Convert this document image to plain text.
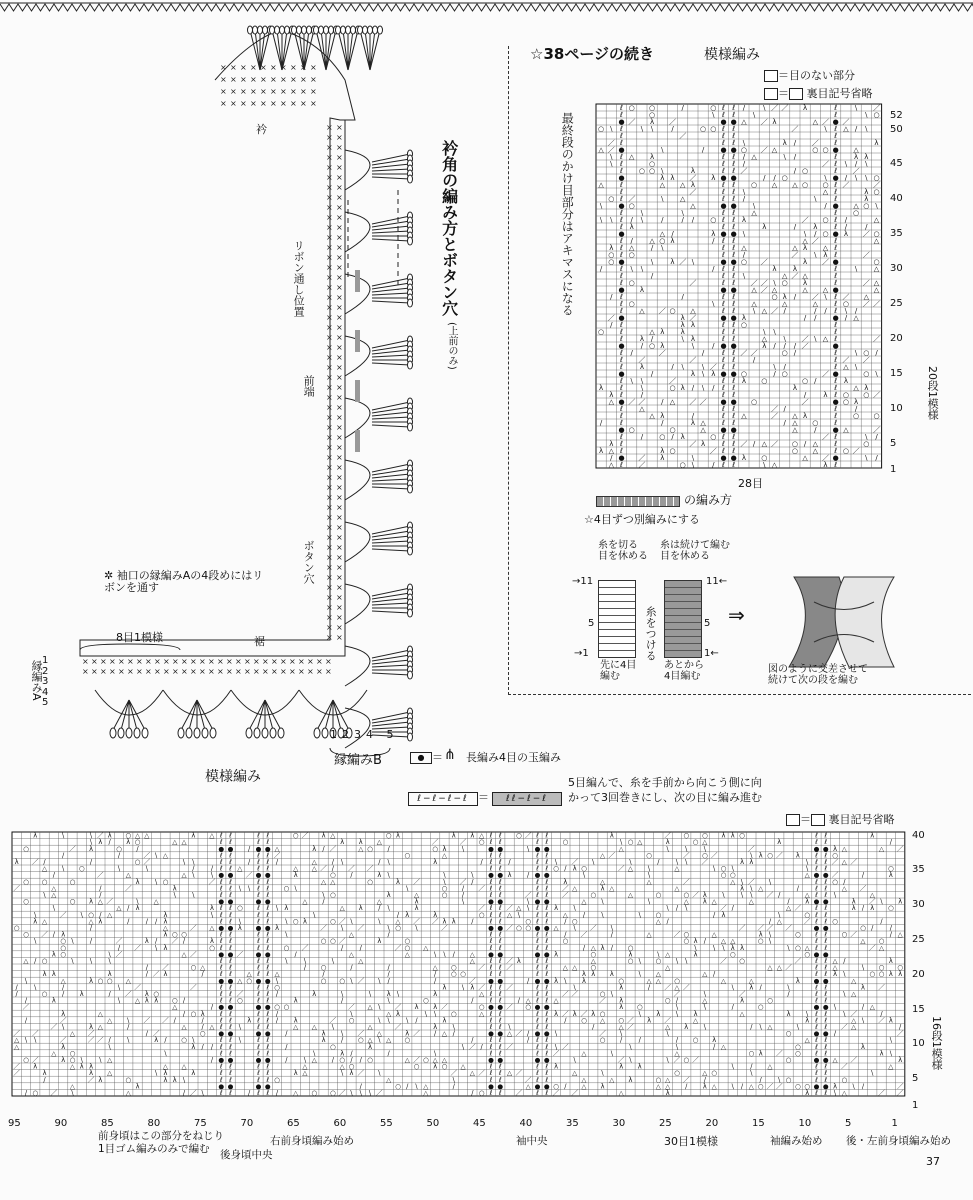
× ×
× ×
× ×
× ×
× ×
× ×
× ×
× ×
× ×
× ×
× ×
× ×
× ×
× ×
× ×
× ×
× ×
× ×
× ×
× ×
× ×
× ×
× ×
× ×
× ×
× ×
× ×
× ×
× ×
× ×
× ×
× ×
× ×
× ×
× ×
× ×
× ×
× ×
× ×
× ×
× ×
× ×
× ×
× ×
× ×
× ×
× ×
× ×
× ×
× ×
× ×
× ×
×
×
×
×
×
×
×
×
×
×
×
×
×
×
×
×
×
×
×
×
×
×
×
×
×
×
×
×
×
×
×
×
×
×
×
×
×
×
×
×
×
×
×
×
×
×
×
×
×
×
×
×
×
×
×
×
× × × × × × × × × ×
× × × × × × × × × ×
× × × × × × × × × ×
× × × × × × × × × ×
衿角の編み方とボタン穴
(上前のみ)
衿
リボン通し位置
前端
ボタン穴
裾
8目1模様
✲ 袖口の縁編みAの4段めにはリボンを通す
縁編みA
1
2
3
4
5
1234 5
縁編みB
模様編み
☆38ページの続き	模様編み
＝目のない部分
＝ 裏目記号省略
最終段のかけ目部分はアキマスになる
ℓ ○ ○	/	○ ℓ ℓ /	\ ／ ／ λ	ℓ	\ ／
ℓ	○	\ ℓ ℓ	\	ℓ	\ ○
● ／ λ ／	● ● △ ／ λ	△ ／ ● ／
○ \ ℓ	\ \	/	○ ○ ℓ ℓ	／	\ ℓ △ / \
ℓ	／	ℓ ℓ	ℓ
／ ℓ	ℓ ℓ \	λ / ／ ℓ	λ
△ ／ ●	\	/ ● ● ○ ／ △	○ ○ ● △
\ ℓ △ λ	ℓ ℓ / △	\ /	ℓ λ λ
\ ℓ	○	ℓ ℓ /	／ ℓ \ / \
ℓ ○ ○ \	λ	ℓ ℓ ／	/ ○	ℓ ／
●	λ λ ／ λ ● ●	/ / ○	\ ● / \ \ ○
△ ℓ	△ △ λ	ℓ ℓ ○ △ △ ○ ○ ℓ ／	／
ℓ	／	ℓ ℓ \	△ ℓ	λ ○
○ ℓ ／	\ △	ℓ ℓ /	\	ℓ	λ
\ ● ○	△	● ● \	/ ● △ ○ \
ℓ	\	\	ℓ ℓ △	ℓ ○
\ \ ℓ / \	/	/ / ○ ℓ ℓ λ	／ ○ ℓ /	△
ℓ λ	ℓ ℓ	λ	/ λ ℓ /	/
●	△ /	λ ● ● \	\ / ○ ● λ ／ ○
ℓ / △ ○ λ	/ ℓ ℓ	△ ／ ℓ	△
λ ℓ △ / \	ℓ ℓ △	△ λ △ ℓ
○ ℓ ○	ℓ ℓ /	／ \ λ ℓ	／
○ ●	\ λ ／ \	● ● ○ ／	λ ／ ●	○
/	ℓ \ \	/ ℓ ℓ	λ λ	ℓ	\ △
ℓ	/	ℓ ℓ \	△ ／ △	ℓ
ℓ ○	／	ℓ ℓ ／ ／ \ ○ λ	ℓ	／ △
● λ	● ● △ ／ △	△ △ ●	△
/ ℓ	/	ℓ ℓ	○ λ / ／ \ ℓ ／ △
ℓ ○	\ ℓ ℓ △	△	△ ℓ ○ ／ ／
ℓ △ ／ ○ △	ℓ ℓ	\ △ ／ /	/ / ℓ \ /
／ ●	λ ／	● ● λ	/ / ● / △
/ ℓ	λ λ	ℓ ℓ ○	ℓ
○ ℓ	△ λ λ	ℓ ℓ	\ \	ℓ
ℓ λ /	\ λ	ℓ ℓ	△ \ ／ \ △ ℓ	／
● / ○ λ	\	/ ● ●	λ / / / ／	●
ℓ /	／	/	ℓ ℓ ／ ／	○ /	ℓ	\ ○ /
ℓ ／	／	ℓ ℓ	/	ℓ ／ ／
ℓ λ	/ \	\ ／ ℓ ℓ	\ /	ℓ △ \
●	/	λ \ λ ● ● ○	/ ○	／ ●	○ \
ℓ \ \	／	ℓ ℓ λ ○	○ /	ℓ λ
λ ℓ	\	○ λ / \ / ℓ ℓ	λ	ℓ △ λ
λ ℓ	/	ℓ ℓ	/ λ ℓ ○ ○ ／
△ ● ／ ／ / △ ／ ／ ● ● ○	／	● ○ λ
ℓ △	ℓ ℓ	／ /	ℓ	/
ℓ	△ λ	/	ℓ ℓ △	／ △ λ	ℓ ○ ○
/	ℓ	/	λ △ ℓ ℓ	/ △ ○ ℓ
● ○	○	△ ● ●	△ / ● △	／
ℓ	/ ○ / λ	○ ℓ ℓ	／ ℓ	\ /
λ ℓ	／ λ ℓ ℓ ／ / △ ／ ○ / △ ℓ	○
λ △ ℓ	λ ○	／ ℓ ℓ	○ △ ℓ ○ ／
/ ● ／ λ	\	● ● λ ○	△ ／ ●	\ /
△ ℓ ／	○ \	/ ℓ ℓ	\ △	λ ℓ
52
50
45
40
35
30
25
20
15
10
5
1
20段1模様
28目
の編み方
☆4目ずつ別編みにする
糸を切る
目を休める
糸は続けて編む
目を休める
→11
5
→1
11←
5
1←
糸をつける
先に4目
編む
あとから
4目編む
⇒
図のように交差させて
続けて次の段を編む
● ＝ ⋔ 長編み4目の玉編み
ℓ−ℓ−ℓ−ℓ ＝	ℓℓ−ℓ−ℓ
5目編んで、糸を手前から向こう側に向かって3回巻きにし、次の目に編み進む
＝ 裏目記号省略
λ	\	\ ／ λ ○ △ △	λ △ ℓ ℓ	ℓ ℓ	○ ／ λ △	○ λ	λ λ △ ℓ ℓ ○ ／ ℓ ℓ	λ	／ ○ ○ λ λ ○	ℓ ℓ	λ
\ λ / λ ○	△ △	ℓ ℓ	ℓ ℓ	λ λ △	／	／ ○ ℓ ℓ	ℓ ℓ ○	\ ○ △	λ	○ △	λ	ℓ ℓ	/
○	／ λ	○ /	● ● / ● ● △	λ / ／	△ ○ /	○ λ \	● ●	\ ● ●	△	\ \ \	／	● ● λ △	△ ／
/	/	／ \ △	ℓ ℓ	ℓ ℓ ／	○	△	ℓ ℓ	ℓ ℓ	△ ／	○	／ ○ ／	\ λ ○ ／ λ ℓ ℓ ○
λ ／ /	/	○ ／	\ \	ℓ ℓ / ℓ ℓ /	△ / \	/ \	λ	/ ℓ ℓ /	ℓ ℓ \ ／ \	\	/ \ \ ／	λ λ	\ ℓ ℓ ／ △ ／
△ \ ○	\	\	/ / ℓ ℓ △ ℓ ℓ	△ △ ／ / ／ ／	ℓ ℓ	ℓ ℓ ○ / λ ○	／ △ \	△	\ ○ \	\ ℓ ℓ	○
/	／	△	△ \ \ ● ● ／ ● ●	λ	○ /	λ \	\	\ ● ● λ / ● ●	\	\	○ ○	△ ● ● ／	/	λ
○ ○	○	λ \ ○	／ ℓ ℓ	ℓ ℓ	△ △	○	λ ／	\ ／ / ℓ ℓ	ℓ ℓ λ	△	△	／	△ \ ／ \	ℓ ℓ ○ /
／	△	/	／	λ	ℓ ℓ \ \ ℓ ℓ ○ \	\	○ / ／ ℓ ℓ	ℓ ℓ ／ △	λ △	△	λ \ △	/ ℓ ℓ △ ／
\ △	/	\ \	ℓ ℓ	ℓ ℓ	\ ○	λ	△	○ /	ℓ ℓ	／ ℓ ℓ ／	○	△	○	○ ／ λ \ \ \ ／ /	△ ℓ ℓ \	△
○	○ λ △ ／	\ △	● ●	● ●	△ /	△	λ	\	● ●	\ ● ●	△ \	\	△ λ △	△	/ λ ● ●	λ ／ \ λ
\	△ / λ	λ ℓ ℓ ○ ℓ ℓ \ λ	△ λ / \	λ	／ ℓ ℓ ／ △ \ ℓ ℓ λ \	\ / \	／ /	△ ／ ℓ ℓ	λ / λ ○
\	／ \ ○ / △	λ	\ ℓ ℓ	ℓ ℓ	\	/ λ	λ	○ ℓ ℓ △ \ ℓ ℓ △ / \	\ ○	/ λ	\	○ ℓ ℓ
λ △	△ λ	/ / / λ	ℓ ℓ \ ℓ ℓ \ ○ λ	○ ／ \	\ △ ／ ／ λ λ / ℓ ℓ	○ ℓ ℓ / ○	△ /	/ △	／ ℓ ℓ ○	/
○	/	△	／ △ ● ● λ ● ● λ	／ \ ／	\ ○ \	／	● ● ／ ○ ○ ● ● △ \ ／ \	／ ／ ／ ／	● ●	○ / /
○ ／ / λ	λ ○ ○	ℓ ℓ	ℓ ℓ \	△	/	ℓ ℓ	ℓ ℓ / ／	/	△	／ ○	△	λ \	○ ℓ ℓ ○ ／	/ △
\	○ \ /	／	λ / ／ /	λ ℓ ℓ	ℓ ℓ	○ ○ ／	λ	○	ℓ ℓ	ℓ ℓ ○	○ λ / △ △	○ \	ℓ ℓ	△ ○
○	/ ／ \ λ	○ ℓ ℓ	ℓ ℓ ○ ／	/ /	／ ○ △	ℓ ℓ	ℓ ℓ	/ △ λ / ○	\ \ \ λ λ	\ ○ △ ℓ ℓ	／ △
λ ○	\ ／	△ ／	● ● ／ ● ●	/	△	△	\ \ / △ ● ●	● ● λ	○	λ	\ △	λ	○	○ ● ●
△ / ○	\ \ \	ℓ ℓ	ℓ ℓ \ \	\	△	△ ℓ ℓ ／ λ ℓ ℓ	△	○ \ ○ \ \	／ ○	／ ℓ ℓ △ /	λ
/ ／	○ △ ℓ ℓ	ℓ ℓ	/ ○	/	/	△ ○	／ ℓ ℓ ／	ℓ ℓ △ △ ○	△	△ △ ／	ℓ ℓ △	\ ○ ○
λ λ	λ	/ ／ λ	/ ℓ ℓ △ ℓ ℓ △	/	/	/ ○ ○	ℓ ℓ	ℓ ℓ	λ λ λ	\ △	△ /	ℓ ℓ λ \	○ ○ λ λ
\	△	λ ○ ○ △	● ● △ ○ ● ● \	○ ○ \ ／ \ /	/	／ ● ●	/ ● ● λ \ λ	○	△ △ ○	△	△	λ ● ●	△
/ \	/	\ ／	／	ℓ ℓ	ℓ ℓ ○	λ \ λ ／ ℓ ℓ ／	ℓ ℓ	\	λ	/ ／ △ ／	\ λ /	\	ℓ ℓ	λ ／
/	○ / λ	/ ／ λ ○	ℓ ℓ ／ ℓ ℓ /	λ	\	\ λ \	λ	△ ℓ ℓ	ℓ ℓ ／ ／	○ \	／	\	／	/	ℓ ℓ \ △
/	λ	\ △ λ λ ○ /	ℓ ℓ ○ ℓ ℓ	λ	/	\	○	/ ℓ ℓ / △ ℓ ℓ △	／ λ	○ /	△	λ	○	ℓ ℓ
／	△	/ ● ●	● ● ○ ○	／ △ \ ／ λ λ ／	○ ● ● ／ ○ ● ●	λ ○	\	\	/	○	● ● \	/ △
λ	△	/ ○ λ ℓ ℓ	ℓ ℓ /	\	△ λ	\ \ ○	△ ℓ ℓ	ℓ ℓ λ ／ λ ／ λ ○	\ λ \ λ	△	λ \ ℓ ℓ \ ／	/
/	／	△ \ ／ ／ /	/ ℓ ℓ λ ℓ ℓ / λ	／ ○	\ \ \ /	λ	ℓ ℓ	ℓ ℓ / ○ △ ○ ／ λ ／	△	λ ℓ ℓ	△ \ ／ λ
／ \	λ △	/	△ / △ ℓ ℓ \ ℓ ℓ	△ △ \	△	／	λ \	ℓ ℓ \	ℓ ℓ	/	△ ／	△ λ \	/ \ △	\ ℓ ℓ ／ △	/
／ ／	△ ／	/ ／	○ ● ●	● ● /	λ \ ／ △	λ ／ / △ /	● ● △ ／ / ● ● \	／ \	\	○	● ● /	／
△ \ \	／	／ ／ / \	λ / ○ \	ℓ ℓ \ ℓ ℓ	λ / ○ △ \ △ ○	/ ℓ ℓ	/ ℓ ℓ	○ / /	/ ○ λ	△ ℓ ℓ	\
△	λ	\	λ / / ℓ ℓ	ℓ ℓ /	○	λ	\ ／ / ℓ ℓ ／	ℓ ℓ \ ／	\	\	/ △	○ ℓ ℓ	λ
△ ○	\	ℓ ℓ	ℓ ℓ	\	λ /	/	\	ℓ ℓ	ℓ ℓ ／	△	\	△	○ λ ／ ○ ℓ ℓ	λ \
○ ／	λ ○ \ \ △	/ ● ●	● ● / \ △ / ○ / / ○	△ ／ ○ △ △	● ●	● ●	\	／ \	\ ／ ○ ／	○	● ● △ ／	λ
／ λ	△ λ λ	△ △	ℓ ℓ	ℓ ℓ	△	△ ○	○ λ ○ △	ℓ ℓ	ℓ ℓ λ	λ λ	\ / △	ℓ ℓ ／	△
／	λ	λ △	\ λ	λ	ℓ ℓ	ℓ ℓ	λ △	\ λ ／ \	／ △ ／ ℓ ℓ △ ／ ℓ ℓ	△	\	○	△ ○	\	ℓ ℓ	\
/	／ λ	○	λ λ \	ℓ ℓ	ℓ ℓ ○	△	\	ℓ ℓ	／ ℓ ℓ	△	△ λ	○ △ ／ /	/ \ ○	ℓ ℓ ○
△	λ	● ●	● ●	/	○ / \ △	/	● ●	△ ● ● ○ / △ λ	△ △ / λ △ \ / △ ○ ／ ／ ○ ○ ● ● λ \ /	／
/ ○ ／ \	△	/ ／ \ ℓ ℓ / ℓ ℓ / △ ○ ○ ／ \ \ \ ／	△	/ ○ ℓ ℓ ／ ℓ ℓ ／ ／	△	λ	λ ℓ ℓ \ △	／ ／
40
35
30
25
20
15
10
5
1
95	90	85	80	75	70	65	60	55	50	45	40	35	30	25	20	15	10	5	1
16段1模様
前身頃はこの部分をねじり1目ゴム編みのみで編む 後身頃中央
右前身頃編み始め	袖中央	30目1模様	袖編み始め 後・左前身頃編み始め
37
